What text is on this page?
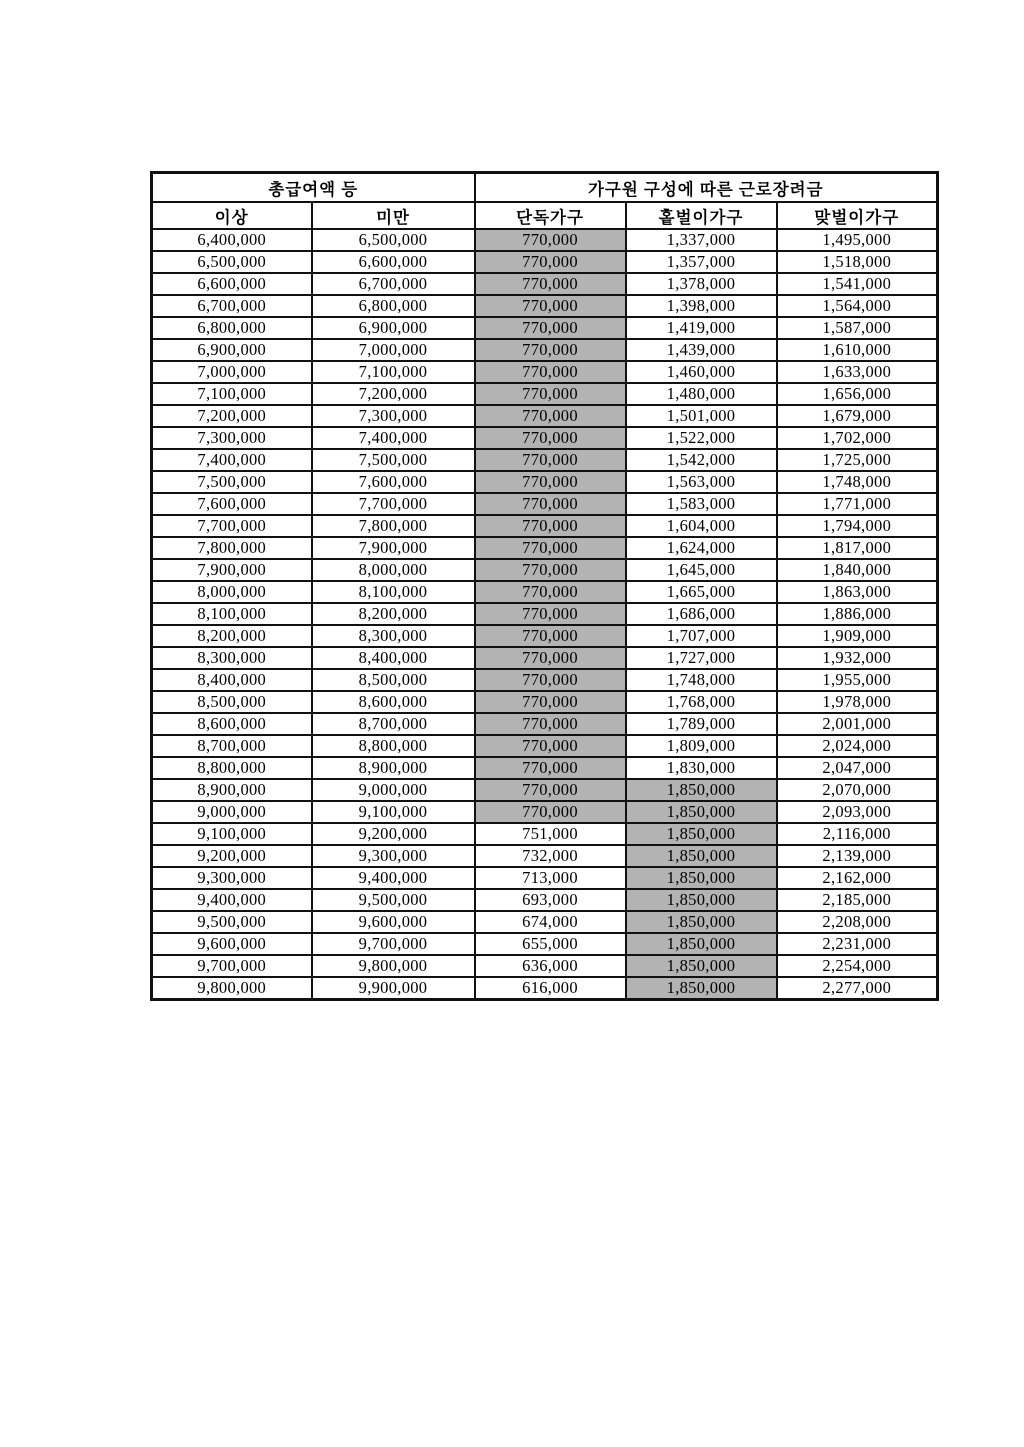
총급여액 등		가구원 구성에 따른 근로장려금		
이상	미만	단독가구	홑벌이가구	맞벌이가구
6,400,000	6,500,000	770,000	1,337,000	1,495,000
6,500,000	6,600,000	770,000	1,357,000	1,518,000
6,600,000	6,700,000	770,000	1,378,000	1,541,000
6,700,000	6,800,000	770,000	1,398,000	1,564,000
6,800,000	6,900,000	770,000	1,419,000	1,587,000
6,900,000	7,000,000	770,000	1,439,000	1,610,000
7,000,000	7,100,000	770,000	1,460,000	1,633,000
7,100,000	7,200,000	770,000	1,480,000	1,656,000
7,200,000	7,300,000	770,000	1,501,000	1,679,000
7,300,000	7,400,000	770,000	1,522,000	1,702,000
7,400,000	7,500,000	770,000	1,542,000	1,725,000
7,500,000	7,600,000	770,000	1,563,000	1,748,000
7,600,000	7,700,000	770,000	1,583,000	1,771,000
7,700,000	7,800,000	770,000	1,604,000	1,794,000
7,800,000	7,900,000	770,000	1,624,000	1,817,000
7,900,000	8,000,000	770,000	1,645,000	1,840,000
8,000,000	8,100,000	770,000	1,665,000	1,863,000
8,100,000	8,200,000	770,000	1,686,000	1,886,000
8,200,000	8,300,000	770,000	1,707,000	1,909,000
8,300,000	8,400,000	770,000	1,727,000	1,932,000
8,400,000	8,500,000	770,000	1,748,000	1,955,000
8,500,000	8,600,000	770,000	1,768,000	1,978,000
8,600,000	8,700,000	770,000	1,789,000	2,001,000
8,700,000	8,800,000	770,000	1,809,000	2,024,000
8,800,000	8,900,000	770,000	1,830,000	2,047,000
8,900,000	9,000,000	770,000	1,850,000	2,070,000
9,000,000	9,100,000	770,000	1,850,000	2,093,000
9,100,000	9,200,000	751,000	1,850,000	2,116,000
9,200,000	9,300,000	732,000	1,850,000	2,139,000
9,300,000	9,400,000	713,000	1,850,000	2,162,000
9,400,000	9,500,000	693,000	1,850,000	2,185,000
9,500,000	9,600,000	674,000	1,850,000	2,208,000
9,600,000	9,700,000	655,000	1,850,000	2,231,000
9,700,000	9,800,000	636,000	1,850,000	2,254,000
9,800,000	9,900,000	616,000	1,850,000	2,277,000
